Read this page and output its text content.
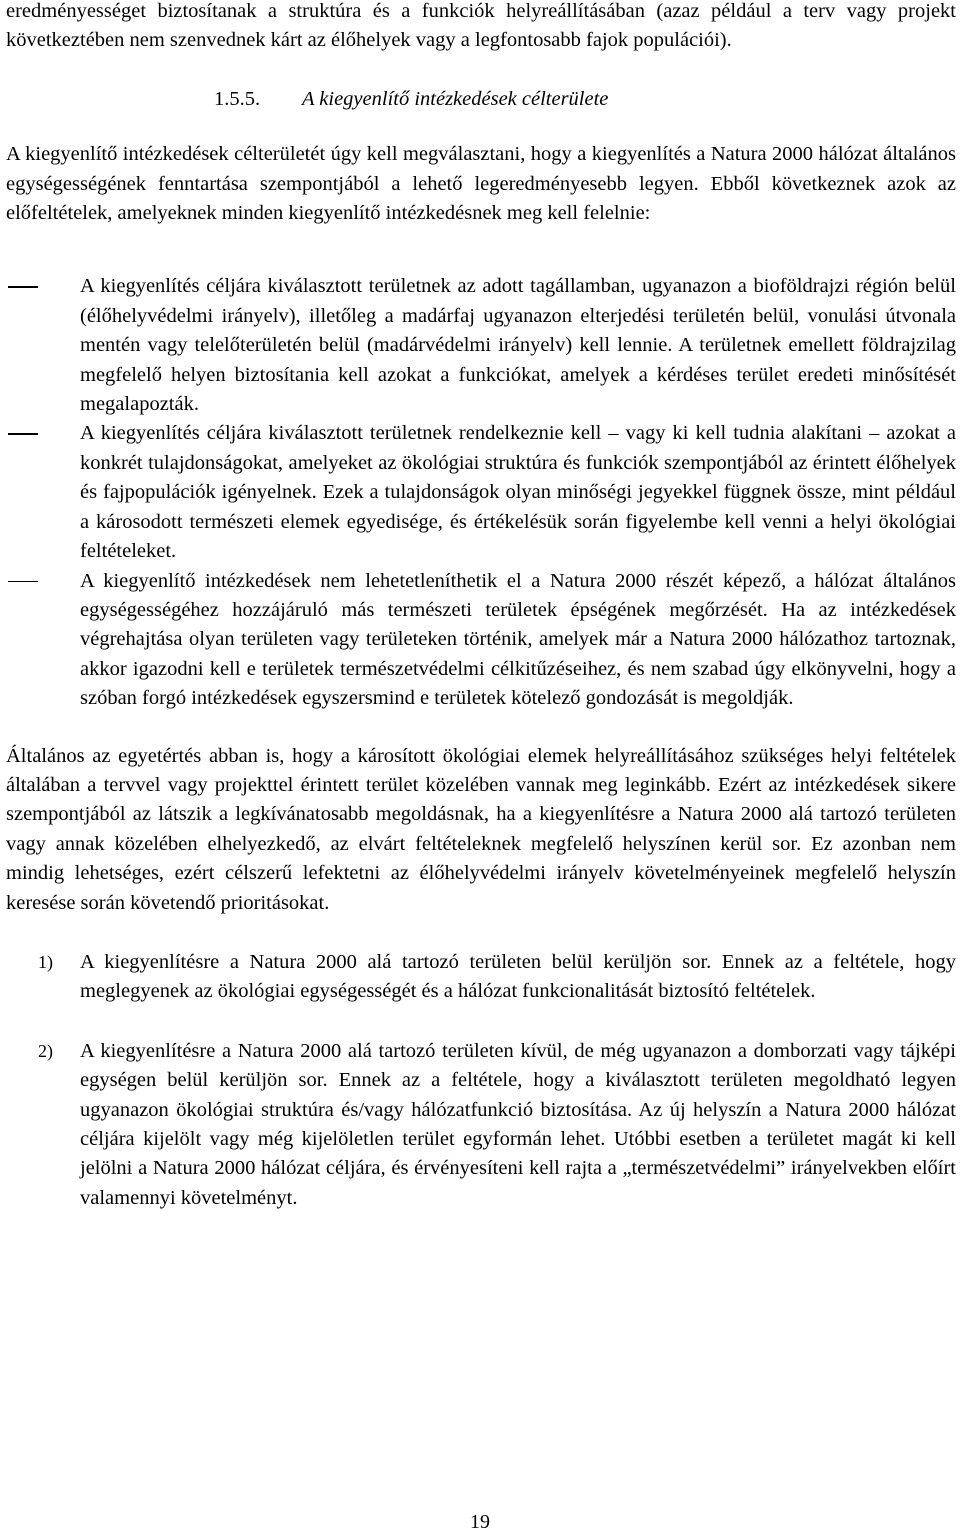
eredményességet biztosítanak a struktúra és a funkciók helyreállításában (azaz például a terv vagy projekt következtében nem szenvednek kárt az élőhelyek vagy a legfontosabb fajok populációi).

1.5.5. A kiegyenlítő intézkedések célterülete

A kiegyenlítő intézkedések célterületét úgy kell megválasztani, hogy a kiegyenlítés a Natura 2000 hálózat általános egységességének fenntartása szempontjából a lehető legeredményesebb legyen. Ebből következnek azok az előfeltételek, amelyeknek minden kiegyenlítő intézkedésnek meg kell felelnie:

A kiegyenlítés céljára kiválasztott területnek az adott tagállamban, ugyanazon a bioföldrajzi régión belül (élőhelyvédelmi irányelv), illetőleg a madárfaj ugyanazon elterjedési területén belül, vonulási útvonala mentén vagy telelőterületén belül (madárvédelmi irányelv) kell lennie. A területnek emellett földrajzilag megfelelő helyen biztosítania kell azokat a funkciókat, amelyek a kérdéses terület eredeti minősítését megalapozták.
A kiegyenlítés céljára kiválasztott területnek rendelkeznie kell – vagy ki kell tudnia alakítani – azokat a konkrét tulajdonságokat, amelyeket az ökológiai struktúra és funkciók szempontjából az érintett élőhelyek és fajpopulációk igényelnek. Ezek a tulajdonságok olyan minőségi jegyekkel függnek össze, mint például a károsodott természeti elemek egyedisége, és értékelésük során figyelembe kell venni a helyi ökológiai feltételeket.
A kiegyenlítő intézkedések nem lehetetleníthetik el a Natura 2000 részét képező, a hálózat általános egységességéhez hozzájáruló más természeti területek épségének megőrzését. Ha az intézkedések végrehajtása olyan területen vagy területeken történik, amelyek már a Natura 2000 hálózathoz tartoznak, akkor igazodni kell e területek természetvédelmi célkitűzéseihez, és nem szabad úgy elkönyvelni, hogy a szóban forgó intézkedések egyszersmind e területek kötelező gondozását is megoldják.

Általános az egyetértés abban is, hogy a károsított ökológiai elemek helyreállításához szükséges helyi feltételek általában a tervvel vagy projekttel érintett terület közelében vannak meg leginkább. Ezért az intézkedések sikere szempontjából az látszik a legkívánatosabb megoldásnak, ha a kiegyenlítésre a Natura 2000 alá tartozó területen vagy annak közelében elhelyezkedő, az elvárt feltételeknek megfelelő helyszínen kerül sor. Ez azonban nem mindig lehetséges, ezért célszerű lefektetni az élőhelyvédelmi irányelv követelményeinek megfelelő helyszín keresése során követendő prioritásokat.

1) A kiegyenlítésre a Natura 2000 alá tartozó területen belül kerüljön sor. Ennek az a feltétele, hogy meglegyenek az ökológiai egységességét és a hálózat funkcionalitását biztosító feltételek.
2) A kiegyenlítésre a Natura 2000 alá tartozó területen kívül, de még ugyanazon a domborzati vagy tájképi egységen belül kerüljön sor. Ennek az a feltétele, hogy a kiválasztott területen megoldható legyen ugyanazon ökológiai struktúra és/vagy hálózatfunkció biztosítása. Az új helyszín a Natura 2000 hálózat céljára kijelölt vagy még kijelöletlen terület egyformán lehet. Utóbbi esetben a területet magát ki kell jelölni a Natura 2000 hálózat céljára, és érvényesíteni kell rajta a „természetvédelmi” irányelvekben előírt valamennyi követelményt.
19
